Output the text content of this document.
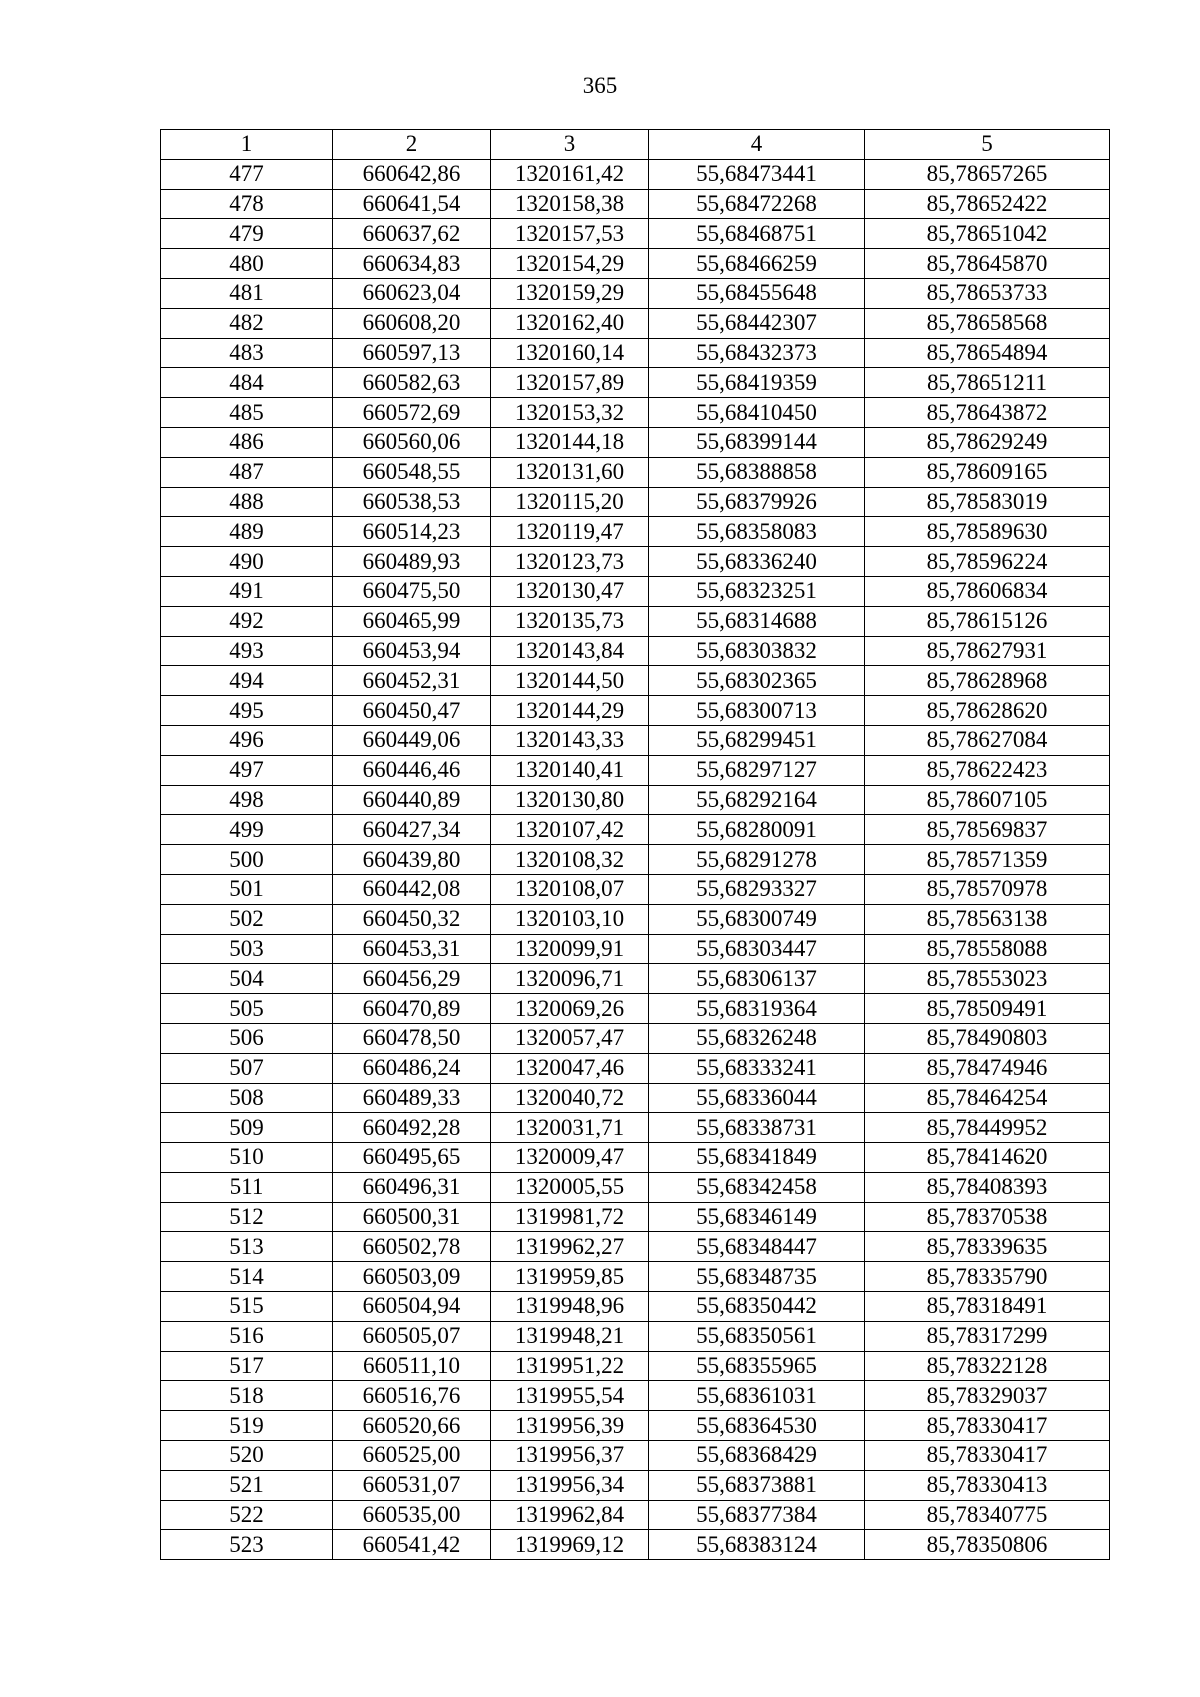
365
1	2	3	4	5
477	660642,86	1320161,42	55,68473441	85,78657265
478	660641,54	1320158,38	55,68472268	85,78652422
479	660637,62	1320157,53	55,68468751	85,78651042
480	660634,83	1320154,29	55,68466259	85,78645870
481	660623,04	1320159,29	55,68455648	85,78653733
482	660608,20	1320162,40	55,68442307	85,78658568
483	660597,13	1320160,14	55,68432373	85,78654894
484	660582,63	1320157,89	55,68419359	85,78651211
485	660572,69	1320153,32	55,68410450	85,78643872
486	660560,06	1320144,18	55,68399144	85,78629249
487	660548,55	1320131,60	55,68388858	85,78609165
488	660538,53	1320115,20	55,68379926	85,78583019
489	660514,23	1320119,47	55,68358083	85,78589630
490	660489,93	1320123,73	55,68336240	85,78596224
491	660475,50	1320130,47	55,68323251	85,78606834
492	660465,99	1320135,73	55,68314688	85,78615126
493	660453,94	1320143,84	55,68303832	85,78627931
494	660452,31	1320144,50	55,68302365	85,78628968
495	660450,47	1320144,29	55,68300713	85,78628620
496	660449,06	1320143,33	55,68299451	85,78627084
497	660446,46	1320140,41	55,68297127	85,78622423
498	660440,89	1320130,80	55,68292164	85,78607105
499	660427,34	1320107,42	55,68280091	85,78569837
500	660439,80	1320108,32	55,68291278	85,78571359
501	660442,08	1320108,07	55,68293327	85,78570978
502	660450,32	1320103,10	55,68300749	85,78563138
503	660453,31	1320099,91	55,68303447	85,78558088
504	660456,29	1320096,71	55,68306137	85,78553023
505	660470,89	1320069,26	55,68319364	85,78509491
506	660478,50	1320057,47	55,68326248	85,78490803
507	660486,24	1320047,46	55,68333241	85,78474946
508	660489,33	1320040,72	55,68336044	85,78464254
509	660492,28	1320031,71	55,68338731	85,78449952
510	660495,65	1320009,47	55,68341849	85,78414620
511	660496,31	1320005,55	55,68342458	85,78408393
512	660500,31	1319981,72	55,68346149	85,78370538
513	660502,78	1319962,27	55,68348447	85,78339635
514	660503,09	1319959,85	55,68348735	85,78335790
515	660504,94	1319948,96	55,68350442	85,78318491
516	660505,07	1319948,21	55,68350561	85,78317299
517	660511,10	1319951,22	55,68355965	85,78322128
518	660516,76	1319955,54	55,68361031	85,78329037
519	660520,66	1319956,39	55,68364530	85,78330417
520	660525,00	1319956,37	55,68368429	85,78330417
521	660531,07	1319956,34	55,68373881	85,78330413
522	660535,00	1319962,84	55,68377384	85,78340775
523	660541,42	1319969,12	55,68383124	85,78350806
